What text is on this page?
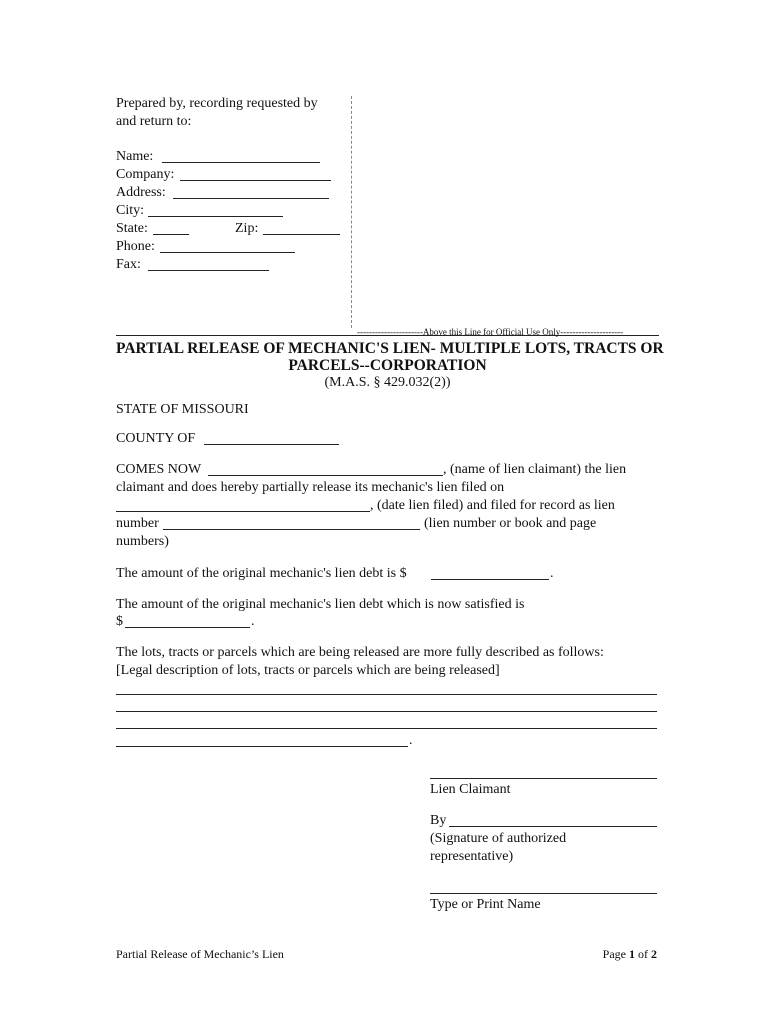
Prepared by, recording requested by
and return to:
Name:
Company:
Address:
City:
State:	Zip:
Phone:
Fax:
----------------------Above this Line for Official Use Only---------------------
PARTIAL RELEASE OF MECHANIC'S LIEN- MULTIPLE LOTS, TRACTS OR
PARCELS--CORPORATION
(M.A.S. § 429.032(2))
STATE OF MISSOURI
COUNTY OF
COMES NOW	, (name of lien claimant) the lien
claimant and does hereby partially release its mechanic's lien filed on
, (date lien filed) and filed for record as lien
number	(lien number or book and page
numbers)
The amount of the original mechanic's lien debt is $	.
The amount of the original mechanic's lien debt which is now satisfied is
$	.
The lots, tracts or parcels which are being released are more fully described as follows:
[Legal description of lots, tracts or parcels which are being released]
.
Lien Claimant
By
(Signature of authorized
representative)
Type or Print Name
Partial Release of Mechanic’s Lien	Page 1 of 2
